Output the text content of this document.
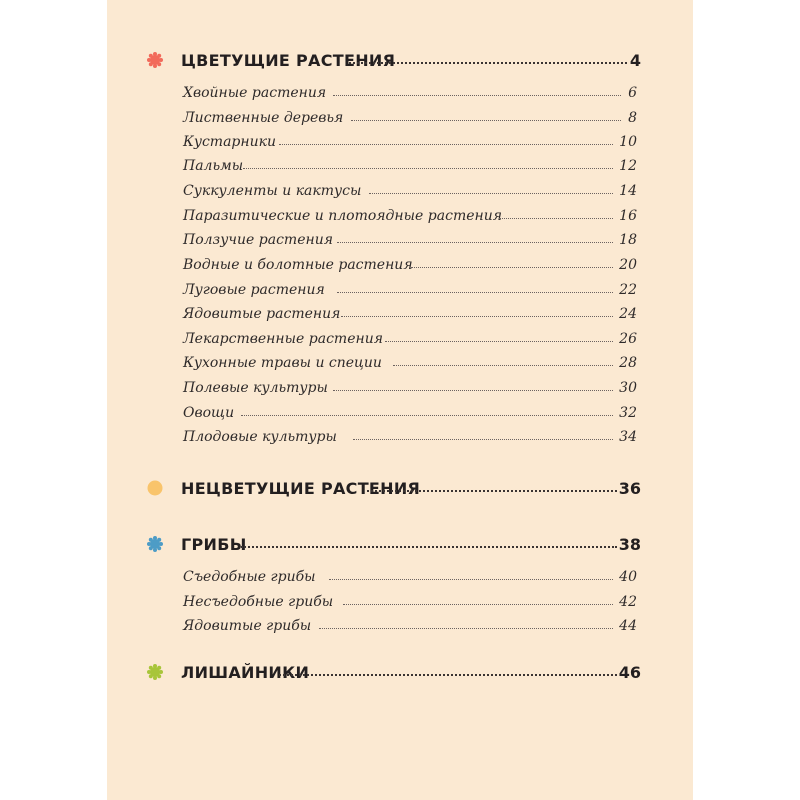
ЦВЕТУЩИЕ РАСТЕНИЯ	4
Хвойные растения	6
Лиственные деревья	8
Кустарники	10
Пальмы	12
Суккуленты и кактусы	14
Паразитические и плотоядные растения	16
Ползучие растения	18
Водные и болотные растения	20
Луговые растения	22
Ядовитые растения	24
Лекарственные растения	26
Кухонные травы и специи	28
Полевые культуры	30
Овощи	32
Плодовые культуры	34
НЕЦВЕТУЩИЕ РАСТЕНИЯ	36
ГРИБЫ	38
Съедобные грибы	40
Несъедобные грибы	42
Ядовитые грибы	44
ЛИШАЙНИКИ	46
